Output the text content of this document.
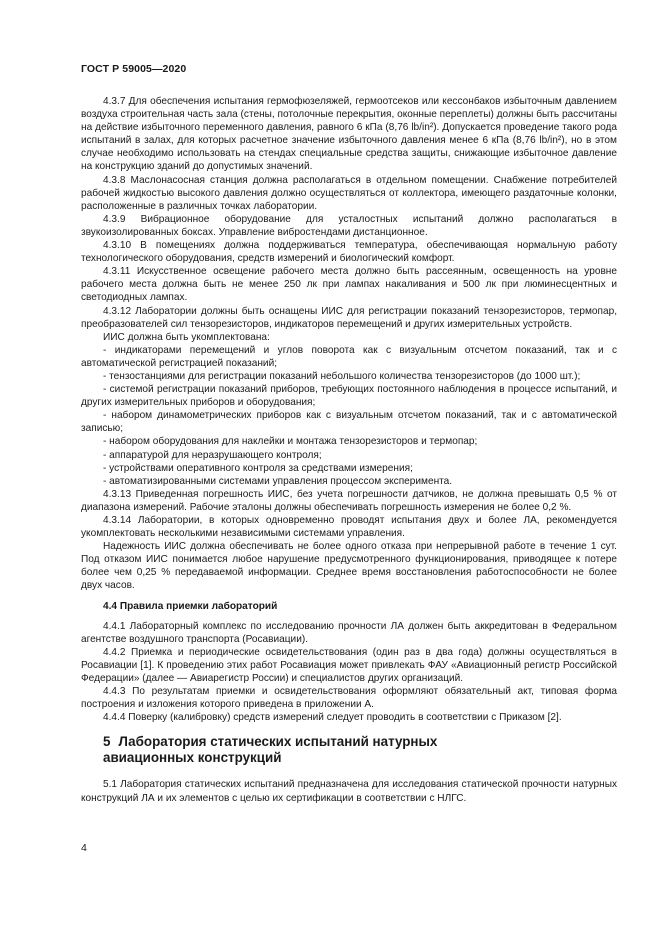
ГОСТ Р 59005—2020

4.3.7 Для обеспечения испытания гермофюзеляжей, гермоотсеков или кессонбаков избыточным давлением воздуха строительная часть зала (стены, потолочные перекрытия, оконные переплеты) должны быть рассчитаны на действие избыточного переменного давления, равного 6 кПа (8,76 lb/in²). Допускается проведение такого рода испытаний в залах, для которых расчетное значение избыточного давления менее 6 кПа (8,76 lb/in²), но в этом случае необходимо использовать на стендах специальные средства защиты, снижающие избыточное давление на конструкцию зданий до допустимых значений.

4.3.8 Маслонасосная станция должна располагаться в отдельном помещении. Снабжение потребителей рабочей жидкостью высокого давления должно осуществляться от коллектора, имеющего раздаточные колонки, расположенные в различных точках лаборатории.

4.3.9 Вибрационное оборудование для усталостных испытаний должно располагаться в звукоизолированных боксах. Управление вибростендами дистанционное.

4.3.10 В помещениях должна поддерживаться температура, обеспечивающая нормальную работу технологического оборудования, средств измерений и биологический комфорт.

4.3.11 Искусственное освещение рабочего места должно быть рассеянным, освещенность на уровне рабочего места должна быть не менее 250 лк при лампах накаливания и 500 лк при люминесцентных и светодиодных лампах.

4.3.12 Лаборатории должны быть оснащены ИИС для регистрации показаний тензорезисторов, термопар, преобразователей сил тензорезисторов, индикаторов перемещений и других измерительных устройств.

ИИС должна быть укомплектована:

- индикаторами перемещений и углов поворота как с визуальным отсчетом показаний, так и с автоматической регистрацией показаний;

- тензостанциями для регистрации показаний небольшого количества тензорезисторов (до 1000 шт.);

- системой регистрации показаний приборов, требующих постоянного наблюдения в процессе испытаний, и других измерительных приборов и оборудования;

- набором динамометрических приборов как с визуальным отсчетом показаний, так и с автоматической записью;

- набором оборудования для наклейки и монтажа тензорезисторов и термопар;

- аппаратурой для неразрушающего контроля;

- устройствами оперативного контроля за средствами измерения;

- автоматизированными системами управления процессом эксперимента.

4.3.13 Приведенная погрешность ИИС, без учета погрешности датчиков, не должна превышать 0,5 % от диапазона измерений. Рабочие эталоны должны обеспечивать погрешность измерения не более 0,2 %.

4.3.14 Лаборатории, в которых одновременно проводят испытания двух и более ЛА, рекомендуется укомплектовать несколькими независимыми системами управления.

Надежность ИИС должна обеспечивать не более одного отказа при непрерывной работе в течение 1 сут. Под отказом ИИС понимается любое нарушение предусмотренного функционирования, приводящее к потере более чем 0,25 % передаваемой информации. Среднее время восстановления работоспособности не более двух часов.

4.4 Правила приемки лабораторий

4.4.1 Лабораторный комплекс по исследованию прочности ЛА должен быть аккредитован в Федеральном агентстве воздушного транспорта (Росавиации).

4.4.2 Приемка и периодические освидетельствования (один раз в два года) должны осуществляться в Росавиации [1]. К проведению этих работ Росавиация может привлекать ФАУ «Авиационный регистр Российской Федерации» (далее — Авиарегистр России) и специалистов других организаций.

4.4.3 По результатам приемки и освидетельствования оформляют обязательный акт, типовая форма построения и изложения которого приведена в приложении А.

4.4.4 Поверку (калибровку) средств измерений следует проводить в соответствии с Приказом [2].

5 Лаборатория статических испытаний натурных
авиационных конструкций

5.1 Лаборатория статических испытаний предназначена для исследования статической прочности натурных конструкций ЛА и их элементов с целью их сертификации в соответствии с НЛГС.

4
